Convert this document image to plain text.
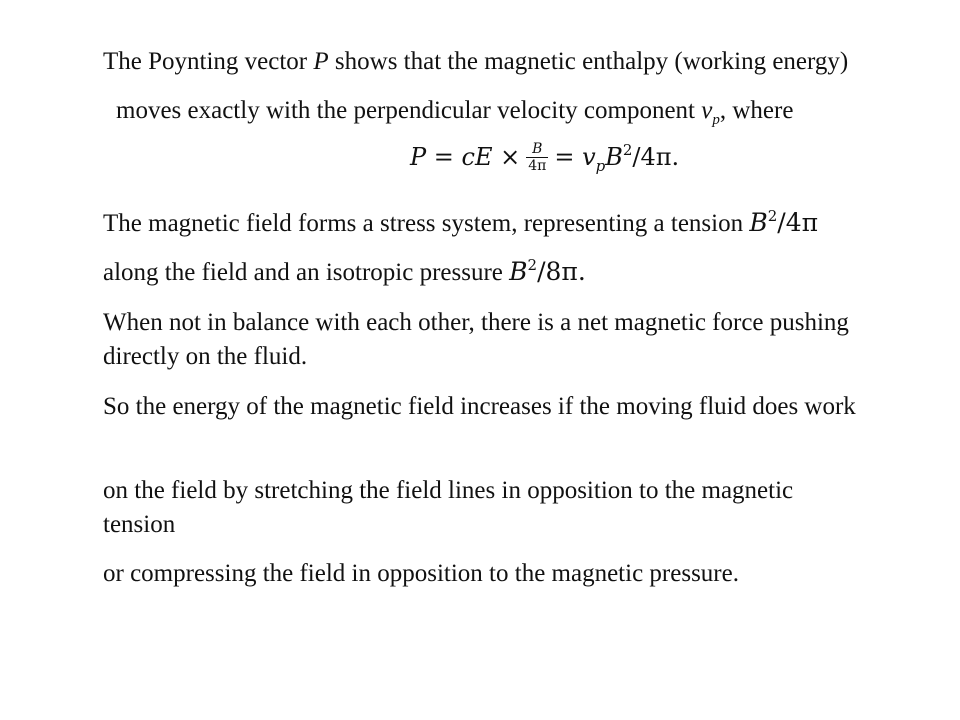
The Poynting vector P shows that the magnetic enthalpy (working energy)
moves exactly with the perpendicular velocity component $v_p$, where
P = cE × $\frac{B}{4\pi} = v_pB^2/4\pi$.
The magnetic field forms a stress system, representing a tension $B^2/4\pi$
along the field and an isotropic pressure $B^2/8\pi$.
When not in balance with each other, there is a net magnetic force pushing directly on the fluid.
So the energy of the magnetic field increases if the moving fluid does work
on the field by stretching the field lines in opposition to the magnetic tension
or compressing the field in opposition to the magnetic pressure.
